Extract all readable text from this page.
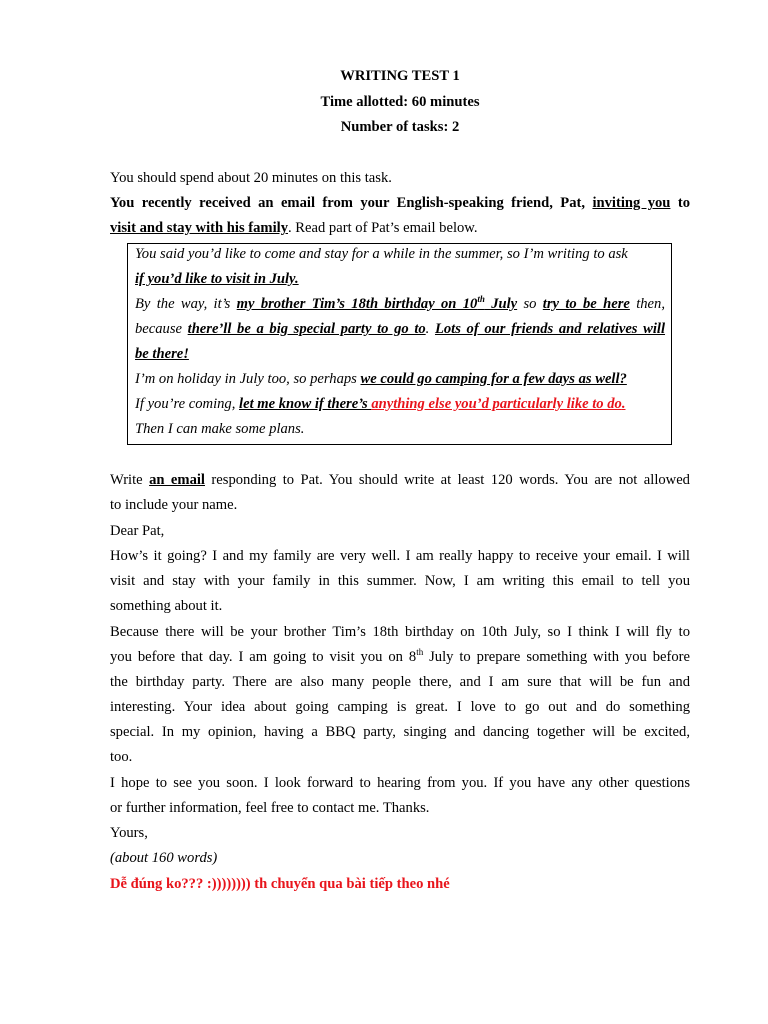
WRITING TEST 1
Time allotted: 60 minutes
Number of tasks: 2
You should spend about 20 minutes on this task.
You recently received an email from your English-speaking friend, Pat, inviting you to
visit and stay with his family. Read part of Pat’s email below.
You said you’d like to come and stay for a while in the summer, so I’m writing to ask
if you’d like to visit in July.
By the way, it’s my brother Tim’s 18th birthday on 10th July so try to be here then,
because there’ll be a big special party to go to. Lots of our friends and relatives will
be there!
I’m on holiday in July too, so perhaps we could go camping for a few days as well?
If you’re coming, let me know if there’s anything else you’d particularly like to do.
Then I can make some plans.
Write an email responding to Pat. You should write at least 120 words. You are not allowed
to include your name.
Dear Pat,
How’s it going? I and my family are very well. I am really happy to receive your email. I will
visit and stay with your family in this summer. Now, I am writing this email to tell you
something about it.
Because there will be your brother Tim’s 18th birthday on 10th July, so I think I will fly to
you before that day. I am going to visit you on 8th July to prepare something with you before
the birthday party. There are also many people there, and I am sure that will be fun and
interesting. Your idea about going camping is great. I love to go out and do something
special. In my opinion, having a BBQ party, singing and dancing together will be excited,
too.
I hope to see you soon. I look forward to hearing from you. If you have any other questions
or further information, feel free to contact me. Thanks.
Yours,
(about 160 words)
Dễ đúng ko??? :)))))))) th chuyển qua bài tiếp theo nhé
